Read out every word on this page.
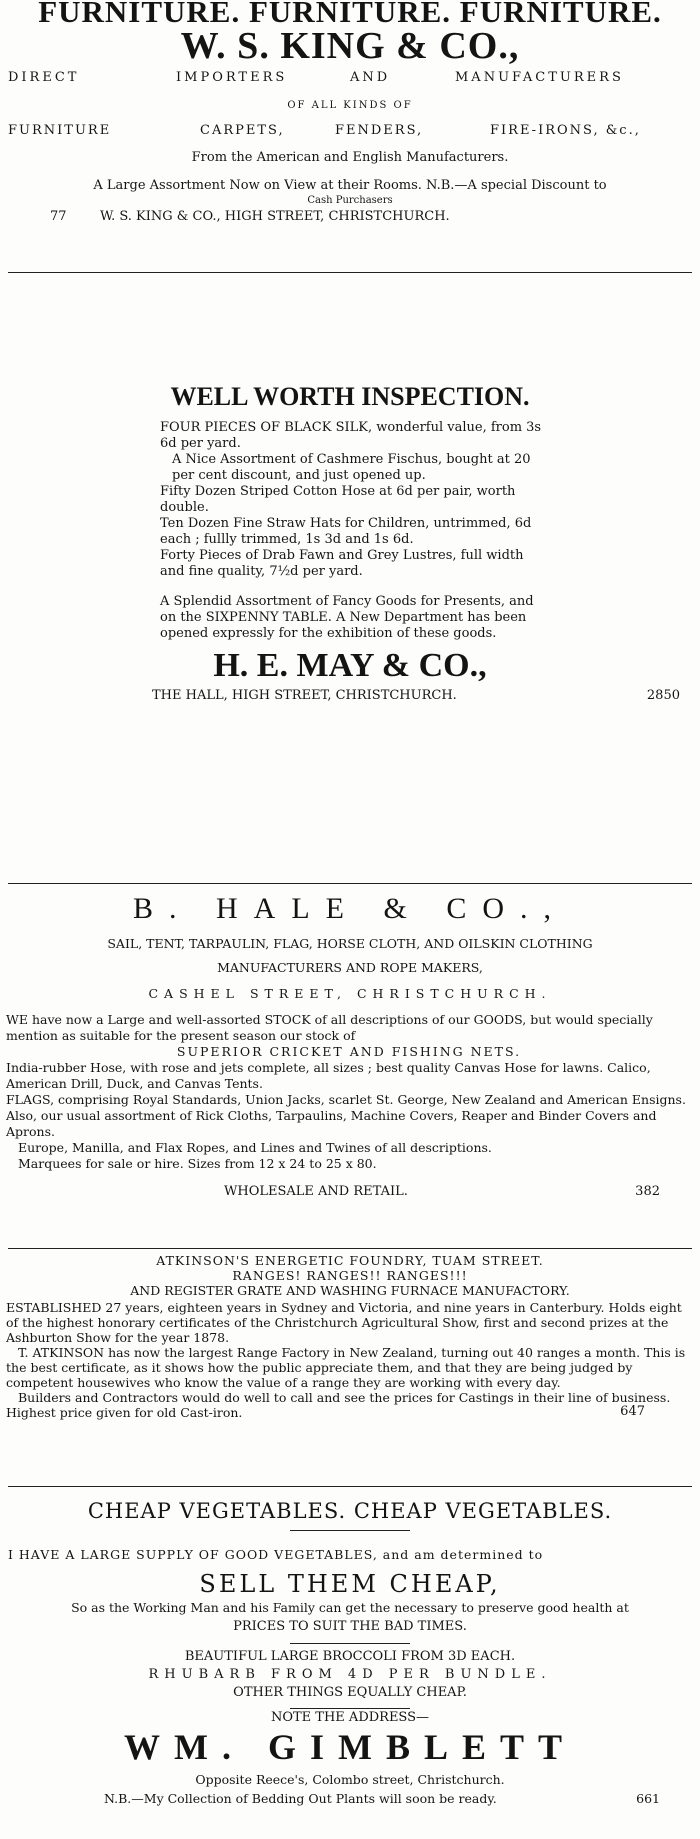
FURNITURE. FURNITURE. FURNITURE.
W. S. KING & CO.,
DIRECT	IMPORTERS	AND	MANUFACTURERS
OF ALL KINDS OF
FURNITURE	CARPETS,	FENDERS,	FIRE-IRONS, &c.,
From the American and English Manufacturers.
A Large Assortment Now on View at their Rooms. N.B.—A special Discount to
Cash Purchasers
77	W. S. KING & CO., HIGH STREET, CHRISTCHURCH.
WELL WORTH INSPECTION.

FOUR PIECES OF BLACK SILK, wonderful value, from 3s 6d per yard.

A Nice Assortment of Cashmere Fischus, bought at 20 per cent discount, and just opened up.

Fifty Dozen Striped Cotton Hose at 6d per pair, worth double.

Ten Dozen Fine Straw Hats for Children, untrimmed, 6d each ; fullly trimmed, 1s 3d and 1s 6d.

Forty Pieces of Drab Fawn and Grey Lustres, full width and fine quality, 7½d per yard.

A Splendid Assortment of Fancy Goods for Presents, and on the SIXPENNY TABLE. A New Department has been opened expressly for the exhibition of these goods.

H. E. MAY & CO.,
THE HALL, HIGH STREET, CHRISTCHURCH.	2850
B. HALE & CO.,
SAIL, TENT, TARPAULIN, FLAG, HORSE CLOTH, AND OILSKIN CLOTHING
MANUFACTURERS AND ROPE MAKERS,
CASHEL STREET, CHRISTCHURCH.

WE have now a Large and well-assorted STOCK of all descriptions of our GOODS, but would specially mention as suitable for the present season our stock of

SUPERIOR CRICKET AND FISHING NETS.

India-rubber Hose, with rose and jets complete, all sizes ; best quality Canvas Hose for lawns. Calico, American Drill, Duck, and Canvas Tents.

FLAGS, comprising Royal Standards, Union Jacks, scarlet St. George, New Zealand and American Ensigns.

Also, our usual assortment of Rick Cloths, Tarpaulins, Machine Covers, Reaper and Binder Covers and Aprons.

Europe, Manilla, and Flax Ropes, and Lines and Twines of all descriptions.

Marquees for sale or hire. Sizes from 12 x 24 to 25 x 80.

WHOLESALE AND RETAIL.	382
ATKINSON'S ENERGETIC FOUNDRY, TUAM STREET.
RANGES! RANGES!! RANGES!!!
AND REGISTER GRATE AND WASHING FURNACE MANUFACTORY.

ESTABLISHED 27 years, eighteen years in Sydney and Victoria, and nine years in Canterbury. Holds eight of the highest honorary certificates of the Christchurch Agricultural Show, first and second prizes at the Ashburton Show for the year 1878.

T. ATKINSON has now the largest Range Factory in New Zealand, turning out 40 ranges a month. This is the best certificate, as it shows how the public appreciate them, and that they are being judged by competent housewives who know the value of a range they are working with every day.

Builders and Contractors would do well to call and see the prices for Castings in their line of business. Highest price given for old Cast-iron.	647
CHEAP VEGETABLES. CHEAP VEGETABLES.
I HAVE A LARGE SUPPLY OF GOOD VEGETABLES, and am determined to
SELL THEM CHEAP,
So as the Working Man and his Family can get the necessary to preserve good health at
PRICES TO SUIT THE BAD TIMES.
BEAUTIFUL LARGE BROCCOLI FROM 3D EACH.
RHUBARB FROM 4D PER BUNDLE.
OTHER THINGS EQUALLY CHEAP.
NOTE THE ADDRESS—
WM. GIMBLETT
Opposite Reece's, Colombo street, Christchurch.
N.B.—My Collection of Bedding Out Plants will soon be ready.	661
